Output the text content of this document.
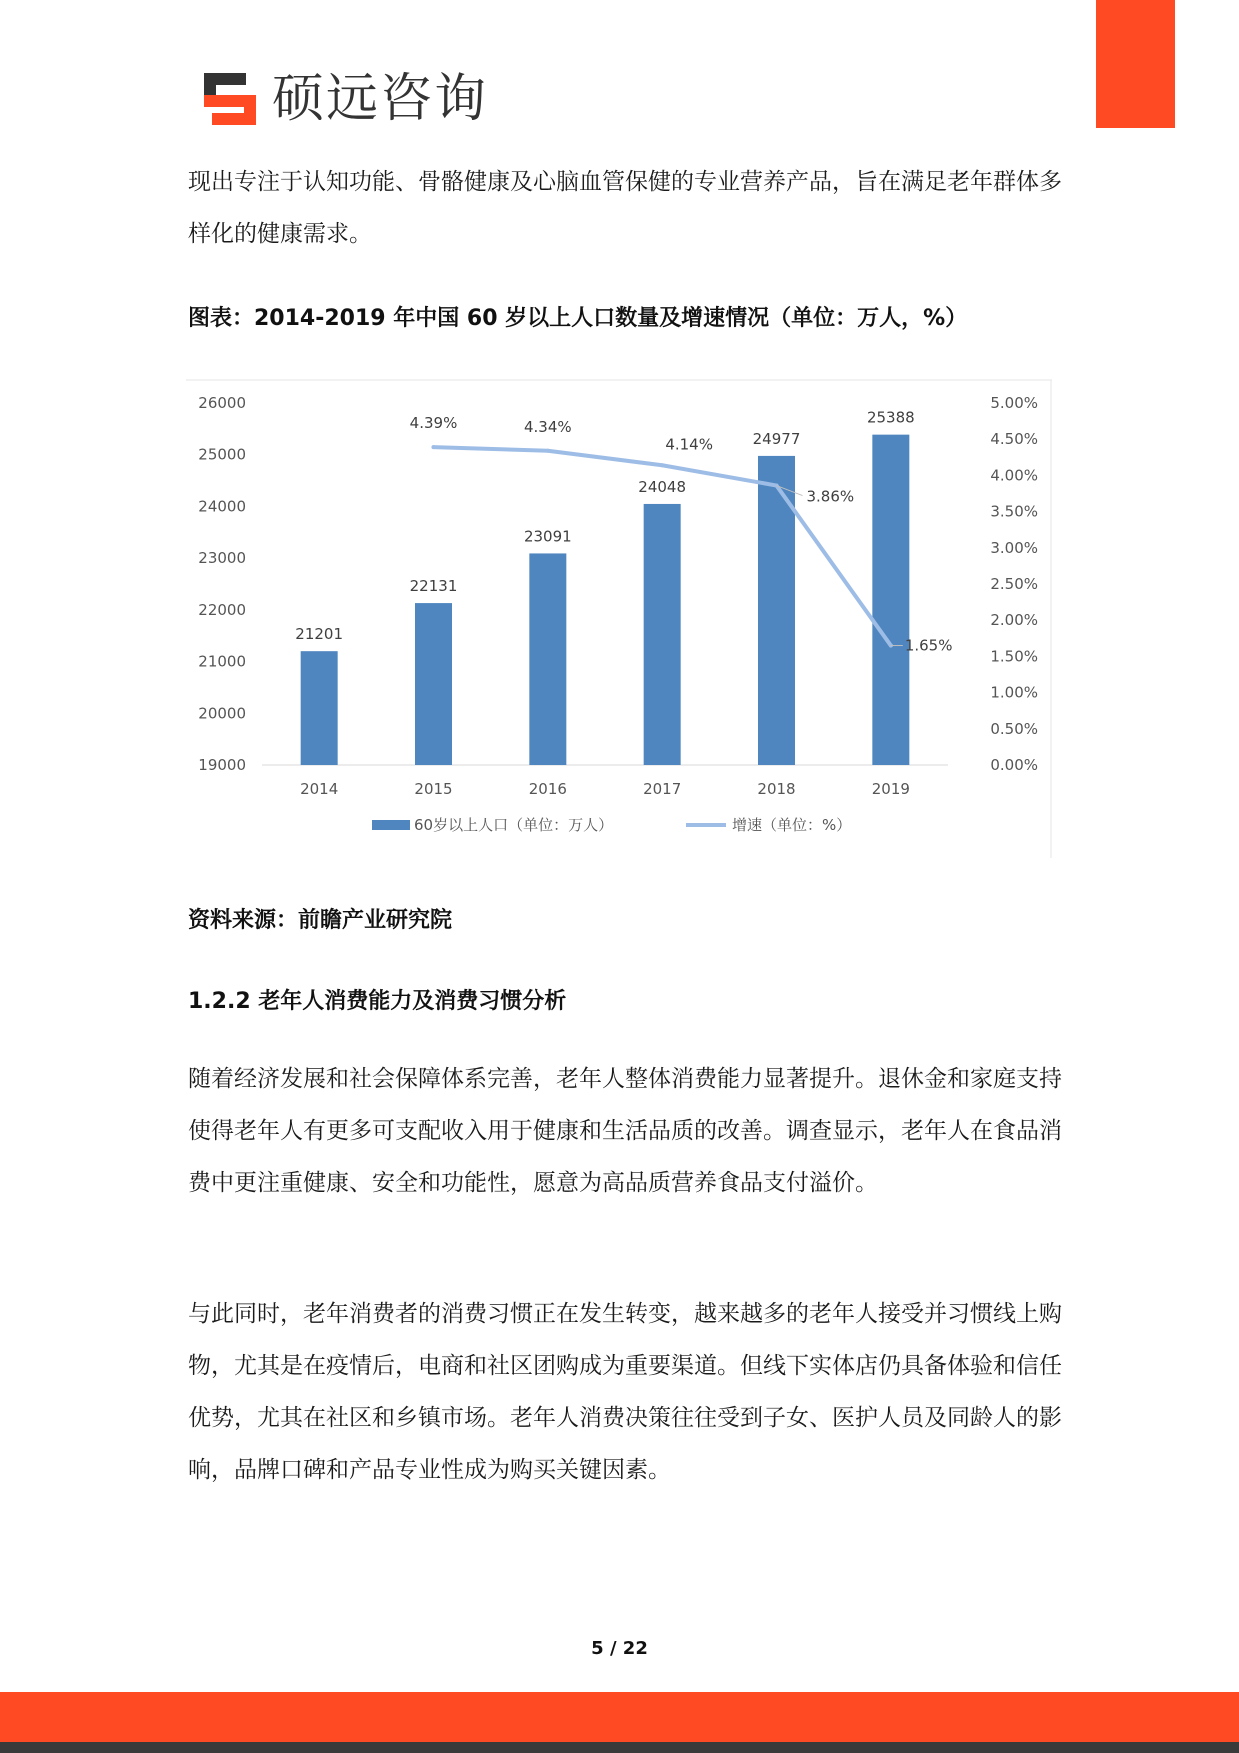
硕远咨询

现出专注于认知功能、骨骼健康及心脑血管保健的专业营养产品，旨在满足老年群体多样化的健康需求。

图表：2014-2019 年中国 60 岁以上人口数量及增速情况（单位：万人，%）

19000
20000
21000
22000
23000
24000
25000
26000
0.00%
0.50%
1.00%
1.50%
2.00%
2.50%
3.00%
3.50%
4.00%
4.50%
5.00%
21201
22131
23091
24048
24977
25388
2014	2015	2016	2017	2018	2019
4.39%	4.34%
4.14%
3.86%
1.65%
60岁以上人口（单位：万人）	增速（单位：%）

资料来源：前瞻产业研究院

1.2.2 老年人消费能力及消费习惯分析

随着经济发展和社会保障体系完善，老年人整体消费能力显著提升。退休金和家庭支持使得老年人有更多可支配收入用于健康和生活品质的改善。调查显示，老年人在食品消费中更注重健康、安全和功能性，愿意为高品质营养食品支付溢价。

与此同时，老年消费者的消费习惯正在发生转变，越来越多的老年人接受并习惯线上购物，尤其是在疫情后，电商和社区团购成为重要渠道。但线下实体店仍具备体验和信任优势，尤其在社区和乡镇市场。老年人消费决策往往受到子女、医护人员及同龄人的影响，品牌口碑和产品专业性成为购买关键因素。

5 / 22
